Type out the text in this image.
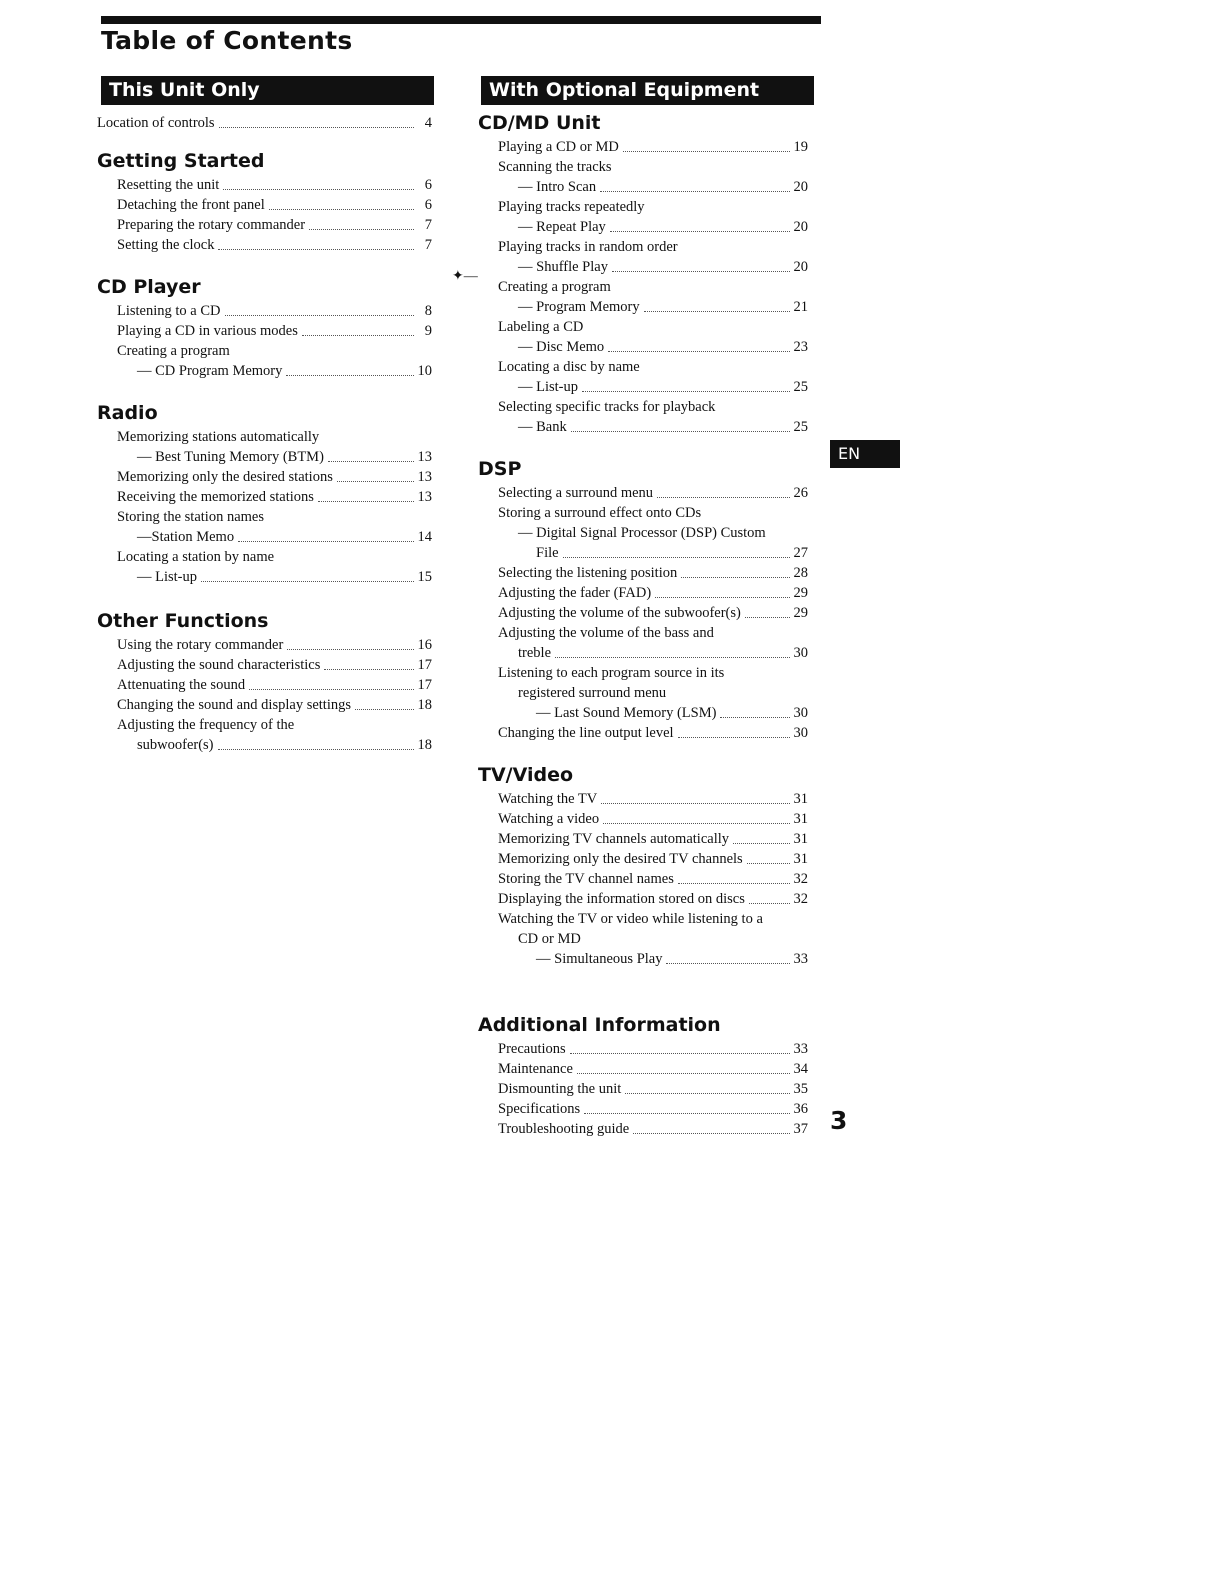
Table of Contents
This Unit Only	With Optional Equipment
Location of controls	4
Getting Started
Resetting the unit	6
Detaching the front panel	6
Preparing the rotary commander	7
Setting the clock	7
CD Player
Listening to a CD	8
Playing a CD in various modes	9
Creating a program
— CD Program Memory	10
Radio
Memorizing stations automatically
— Best Tuning Memory (BTM)	13
Memorizing only the desired stations	13
Receiving the memorized stations	13
Storing the station names
—Station Memo	14
Locating a station by name
— List-up	15
Other Functions
Using the rotary commander	16
Adjusting the sound characteristics	17
Attenuating the sound	17
Changing the sound and display settings	18
Adjusting the frequency of the
subwoofer(s)	18
CD/MD Unit
Playing a CD or MD	19
Scanning the tracks
— Intro Scan	20
Playing tracks repeatedly
— Repeat Play	20
Playing tracks in random order
— Shuffle Play	20
Creating a program
— Program Memory	21
Labeling a CD
— Disc Memo	23
Locating a disc by name
— List-up	25
Selecting specific tracks for playback
— Bank	25
DSP
Selecting a surround menu	26
Storing a surround effect onto CDs
— Digital Signal Processor (DSP) Custom
File	27
Selecting the listening position	28
Adjusting the fader (FAD)	29
Adjusting the volume of the subwoofer(s)	29
Adjusting the volume of the bass and
treble	30
Listening to each program source in its
registered surround menu
— Last Sound Memory (LSM)	30
Changing the line output level	30
TV/Video
Watching the TV	31
Watching a video	31
Memorizing TV channels automatically	31
Memorizing only the desired TV channels	31
Storing the TV channel names	32
Displaying the information stored on discs	32
Watching the TV or video while listening to a
CD or MD
— Simultaneous Play	33
Additional Information
Precautions	33
Maintenance	34
Dismounting the unit	35
Specifications	36
Troubleshooting guide	37
✦—
EN
3
